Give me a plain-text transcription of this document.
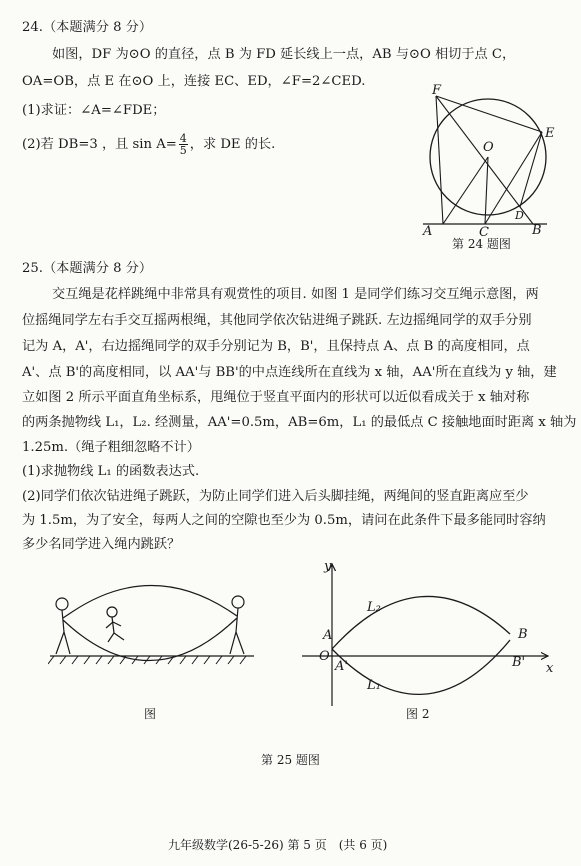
24.（本题满分 8 分）
如图，DF 为⊙O 的直径，点 B 为 FD 延长线上一点，AB 与⊙O 相切于点 C，
OA=OB，点 E 在⊙O 上，连接 EC、ED，∠F=2∠CED.
(1)求证：∠A=∠FDE；
(2)若 DB=3 ，且 $\sin A= \frac{4}{5}$ ，求 DE 的长.
F
O
E
D
A	C	B
第 24 题图
25.（本题满分 8 分）
交互绳是花样跳绳中非常具有观赏性的项目. 如图 1 是同学们练习交互绳示意图，两
位摇绳同学左右手交互摇两根绳，其他同学依次钻进绳子跳跃. 左边摇绳同学的双手分别
记为 A，A'，右边摇绳同学的双手分别记为 B，B'，且保持点 A、点 B 的高度相同，点
A'、点 B'的高度相同，以 AA'与 BB'的中点连线所在直线为 x 轴，AA'所在直线为 y 轴，建
立如图 2 所示平面直角坐标系，甩绳位于竖直平面内的形状可以近似看成关于 x 轴对称
的两条抛物线 L₁，L₂. 经测量，AA'=0.5m，AB=6m，L₁ 的最低点 C 接触地面时距离 x 轴为
1.25m.（绳子粗细忽略不计）
(1)求抛物线 L₁ 的函数表达式.
(2)同学们依次钻进绳子跳跃，为防止同学们进入后头脚挂绳，两绳间的竖直距离应至少
为 1.5m，为了安全，每两人之间的空隙也至少为 0.5m，请问在此条件下最多能同时容纳
多少名同学进入绳内跳跃？
图
y
x
A
O
A'
B
B'
L₂
L₁
图 2
第 25 题图
九年级数学(26-5-26) 第 5 页　(共 6 页)
